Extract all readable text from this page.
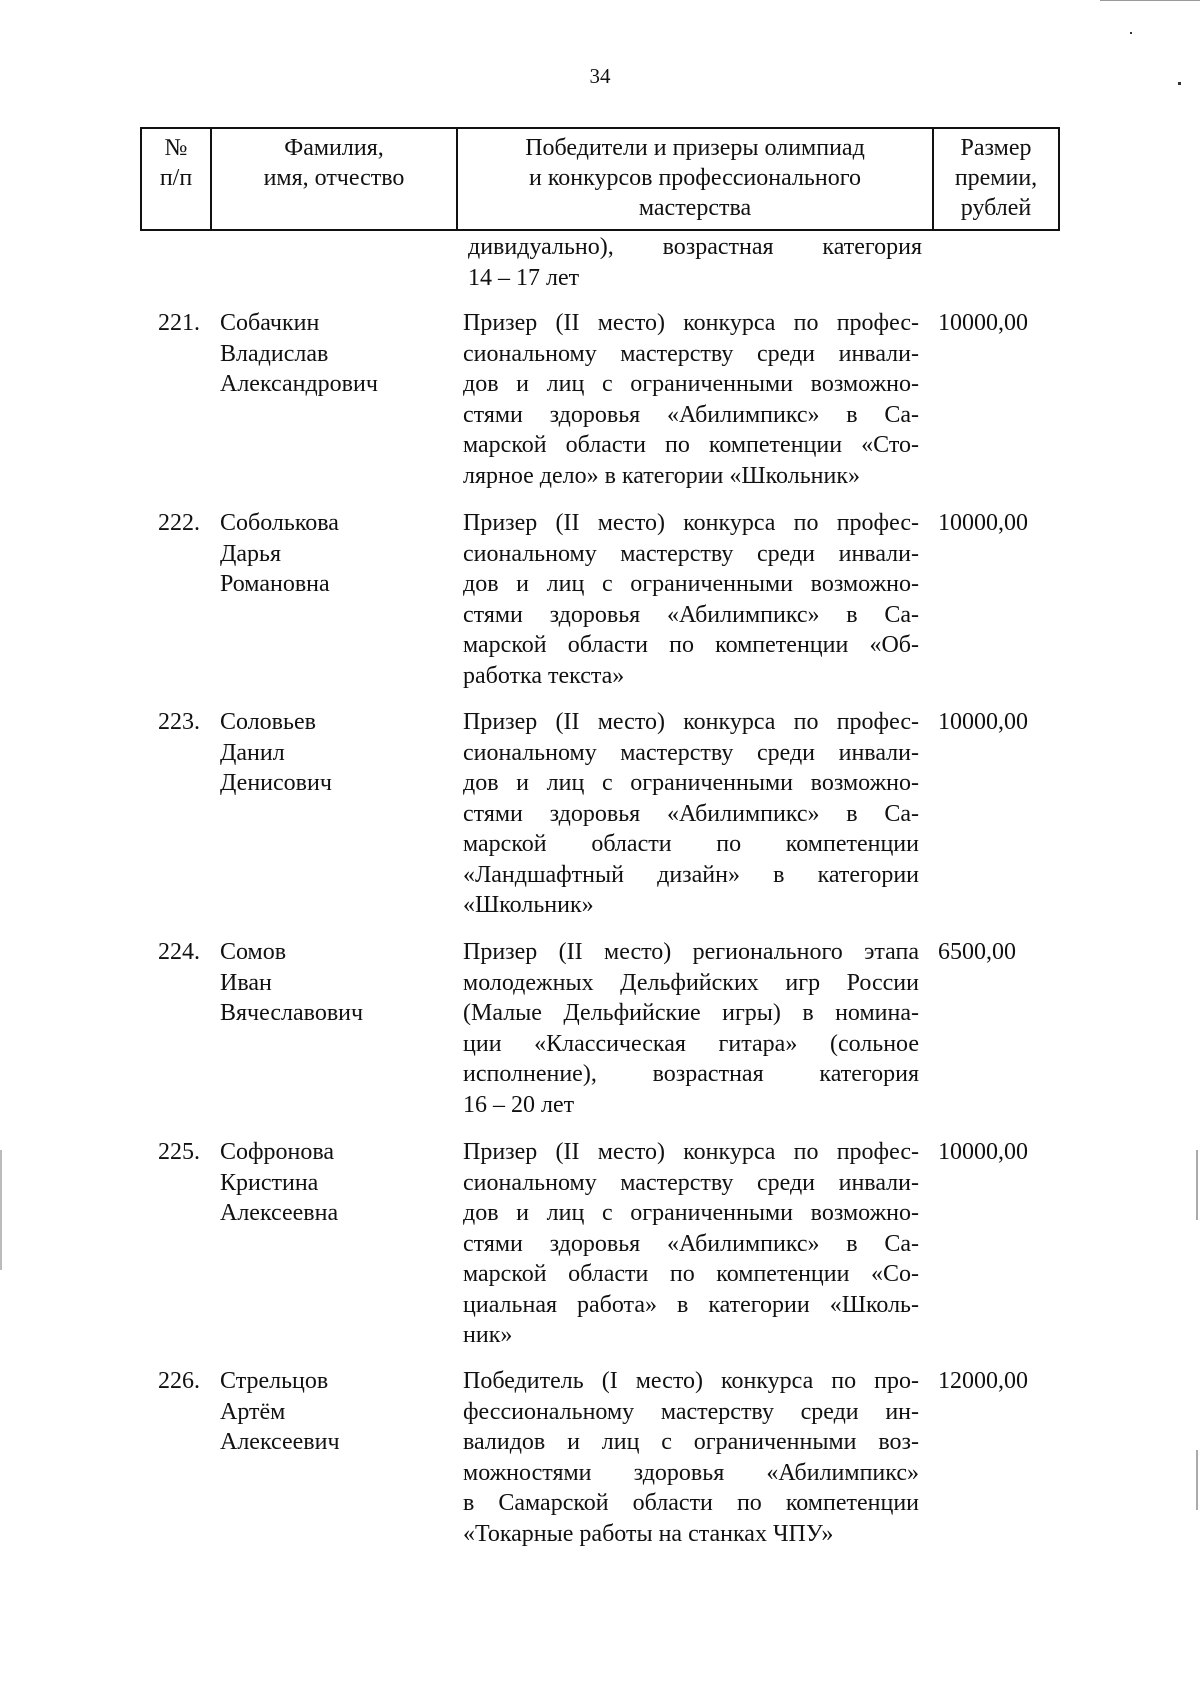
34
№
п/п
Фамилия,
имя, отчество
Победители и призеры олимпиад
и конкурсов профессионального
мастерства
Размер
премии,
рублей
дивидуально), возрастная категория
14 – 17 лет
221. Собачкин
Владислав
Александрович
Призер (II место) конкурса по профес-
сиональному мастерству среди инвали-
дов и лиц с ограниченными возможно-
стями здоровья «Абилимпикс» в Са-
марской области по компетенции «Сто-
лярное дело» в категории «Школьник»
10000,00
222. Соболькова
Дарья
Романовна
Призер (II место) конкурса по профес-
сиональному мастерству среди инвали-
дов и лиц с ограниченными возможно-
стями здоровья «Абилимпикс» в Са-
марской области по компетенции «Об-
работка текста»
10000,00
223. Соловьев
Данил
Денисович
Призер (II место) конкурса по профес-
сиональному мастерству среди инвали-
дов и лиц с ограниченными возможно-
стями здоровья «Абилимпикс» в Са-
марской области по компетенции
«Ландшафтный дизайн» в категории
«Школьник»
10000,00
224. Сомов
Иван
Вячеславович
Призер (II место) регионального этапа
молодежных Дельфийских игр России
(Малые Дельфийские игры) в номина-
ции «Классическая гитара» (сольное
исполнение), возрастная категория
16 – 20 лет
6500,00
225. Софронова
Кристина
Алексеевна
Призер (II место) конкурса по профес-
сиональному мастерству среди инвали-
дов и лиц с ограниченными возможно-
стями здоровья «Абилимпикс» в Са-
марской области по компетенции «Со-
циальная работа» в категории «Школь-
ник»
10000,00
226. Стрельцов
Артём
Алексеевич
Победитель (I место) конкурса по про-
фессиональному мастерству среди ин-
валидов и лиц с ограниченными воз-
можностями здоровья «Абилимпикс»
в Самарской области по компетенции
«Токарные работы на станках ЧПУ»
12000,00
